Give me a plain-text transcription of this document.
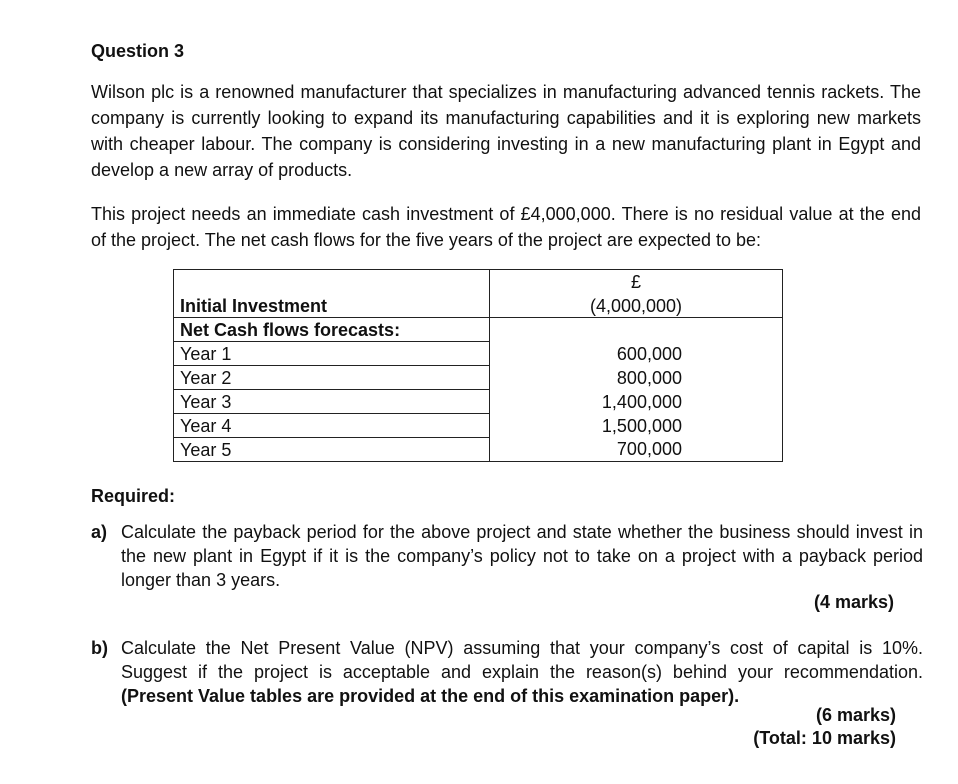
Question 3

Wilson plc is a renowned manufacturer that specializes in manufacturing advanced tennis rackets. The company is currently looking to expand its manufacturing capabilities and it is exploring new markets with cheaper labour. The company is considering investing in a new manufacturing plant in Egypt and develop a new array of products.

This project needs an immediate cash investment of £4,000,000. There is no residual value at the end of the project. The net cash flows for the five years of the project are expected to be:

	£
Initial Investment	(4,000,000)
Net Cash flows forecasts:	
Year 1	600,000
Year 2	800,000
Year 3	1,400,000
Year 4	1,500,000
Year 5	700,000
Required:
a) Calculate the payback period for the above project and state whether the business should invest in the new plant in Egypt if it is the company’s policy not to take on a project with a payback period longer than 3 years.
(4 marks)
b) Calculate the Net Present Value (NPV) assuming that your company’s cost of capital is 10%. Suggest if the project is acceptable and explain the reason(s) behind your recommendation. (Present Value tables are provided at the end of this examination paper).
(6 marks)
(Total: 10 marks)
